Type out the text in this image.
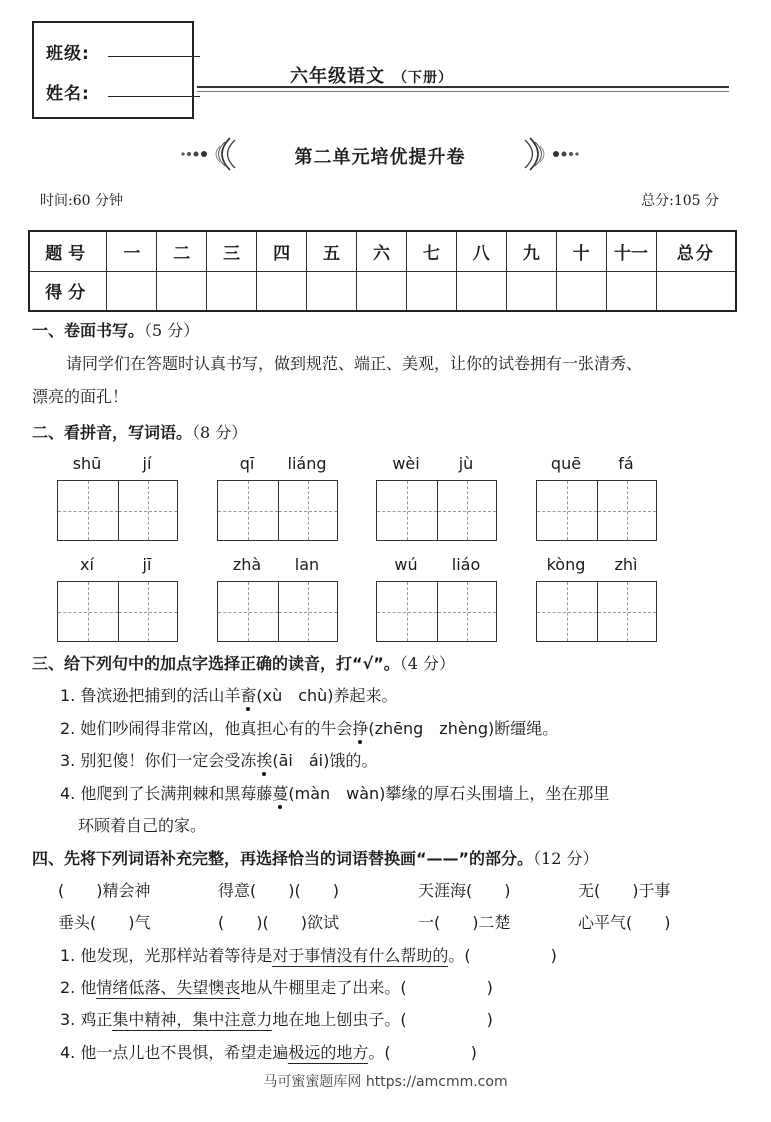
班级:
姓名:
六年级语文 （下册）
第二单元培优提升卷
时间:60 分钟	总分:105 分
题号	一	二	三	四	五	六	七	八	九	十	十一	总分
得分												
一、卷面书写。（5 分）
请同学们在答题时认真书写，做到规范、端正、美观，让你的试卷拥有一张清秀、
漂亮的面孔！
二、看拼音，写词语。（8 分）
shū	jí	qī	liáng	wèi	jù	quē	fá
xí	jī	zhà	lan	wú	liáo	kòng	zhì
三、给下列句中的加点字选择正确的读音，打“√”。（4 分）
1. 鲁滨逊把捕到的活山羊畜(xù　chù)养起来。
2. 她们吵闹得非常凶，他真担心有的牛会挣(zhēng　zhèng)断缰绳。
3. 别犯傻！你们一定会受冻挨(āi　ái)饿的。
4. 他爬到了长满荆棘和黑莓藤蔓(màn　wàn)攀缘的厚石头围墙上，坐在那里
环顾着自己的家。
四、先将下列词语补充完整，再选择恰当的词语替换画“——”的部分。（12 分）
(　　)精会神	得意(　　)(　　)	天涯海(　　)	无(　　)于事
垂头(　　)气	(　　)(　　)欲试	一(　　)二楚	心平气(　　)
1. 他发现，光那样站着等待是对于事情没有什么帮助的。(　　　　　)
2. 他情绪低落、失望懊丧地从牛棚里走了出来。(　　　　　)
3. 鸡正集中精神，集中注意力地在地上刨虫子。(　　　　　)
4. 他一点儿也不畏惧，希望走遍极远的地方。(　　　　　)
马可蜜蜜题库网 https://amcmm.com
